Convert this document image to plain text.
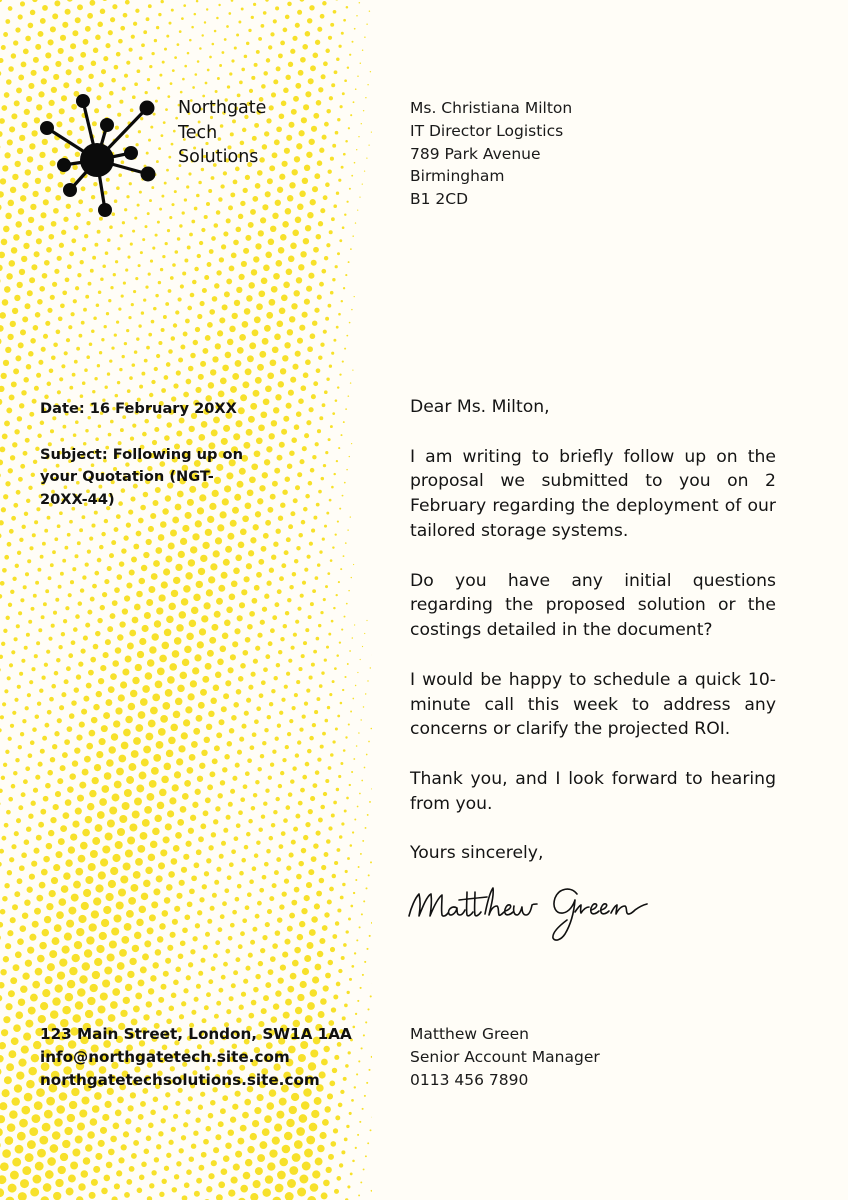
Northgate
Tech
Solutions
Ms. Christiana Milton
IT Director Logistics
789 Park Avenue
Birmingham
B1 2CD
Date: 16 February 20XX
Subject: Following up on your Quotation (NGT-20XX-44)

Dear Ms. Milton,

I am writing to briefly follow up on the proposal we submitted to you on 2 February regarding the deployment of our tailored storage systems.

Do you have any initial questions regarding the proposed solution or the costings detailed in the document?

I would be happy to schedule a quick 10-minute call this week to address any concerns or clarify the projected ROI.

Thank you, and I look forward to hearing from you.

Yours sincerely,

123 Main Street, London, SW1A 1AA
info@northgatetech.site.com
northgatetechsolutions.site.com
Matthew Green
Senior Account Manager
0113 456 7890
